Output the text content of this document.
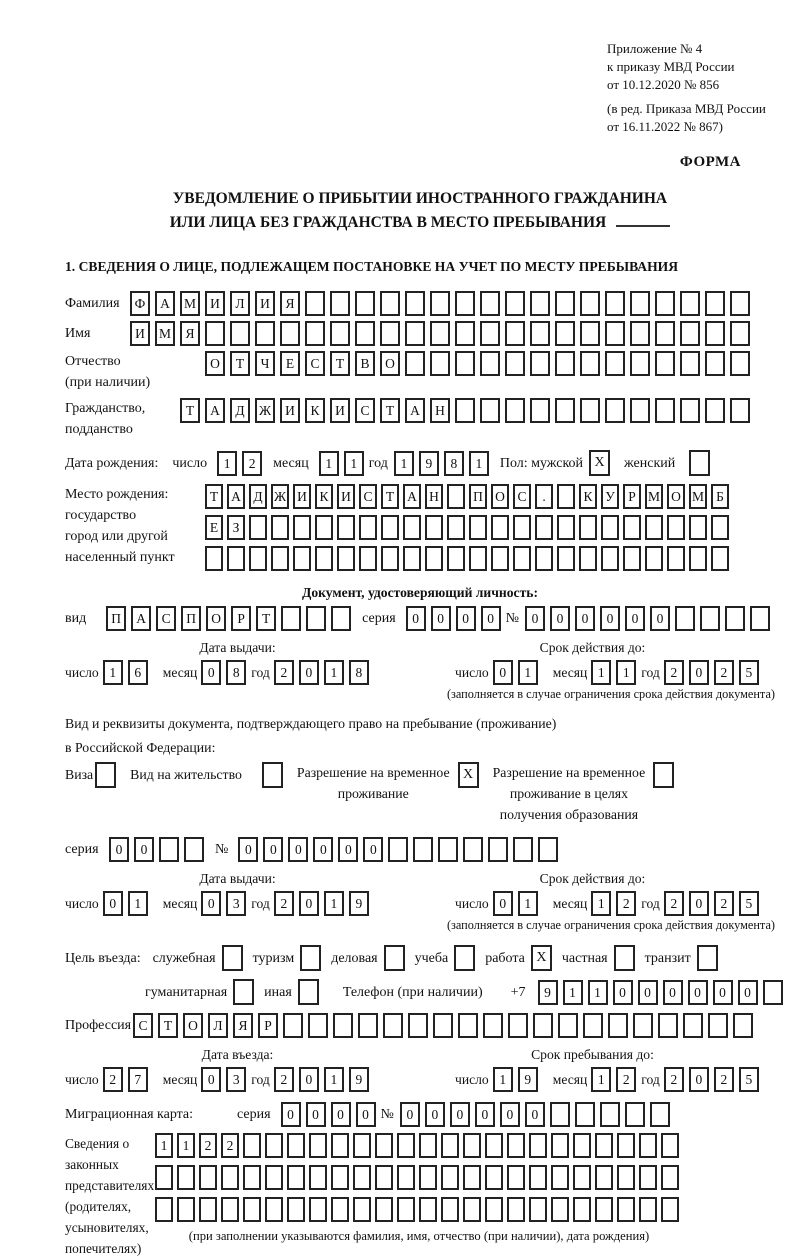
Приложение № 4
к приказу МВД России
от 10.12.2020 № 856
(в ред. Приказа МВД России
от 16.11.2022 № 867)
ФОРМА
УВЕДОМЛЕНИЕ О ПРИБЫТИИ ИНОСТРАННОГО ГРАЖДАНИНА
ИЛИ ЛИЦА БЕЗ ГРАЖДАНСТВА В МЕСТО ПРЕБЫВАНИЯ
1. СВЕДЕНИЯ О ЛИЦЕ, ПОДЛЕЖАЩЕМ ПОСТАНОВКЕ НА УЧЕТ ПО МЕСТУ ПРЕБЫВАНИЯ
Фамилия	Ф	А	М	И	Л	И	Я
Имя	И	М	Я
Отчество
(при наличии)
О	Т	Ч	Е	С	Т	В	О
Гражданство,
подданство
Т	А	Д	Ж	И	К	И	С	Т	А	Н
Дата рождения: число	1	2	месяц	1	1 год 1	9	8	1	Пол: мужской X	женский
Место рождения:
государство
город или другой
населенный пункт
Т А Д Ж И К И С Т А Н	П О С	.	К У Р М О М Б
Е	З
Документ, удостоверяющий личность:
вид	П	А	С	П	О	Р	Т	серия	0	0	0	0 № 0	0	0	0	0	0
Дата выдачи:
число 1	6	месяц 0	8 год 2	0	1	8
Срок действия до:
число 0	1	месяц 1	1 год 2	0	2	5
(заполняется в случае ограничения срока действия документа)
Вид и реквизиты документа, подтверждающего право на пребывание (проживание)
в Российской Федерации:
Виза	Вид на жительство	Разрешение на временное
проживание
X	Разрешение на временное
проживание в целях
получения образования
серия	0	0	№	0	0	0	0	0	0
Дата выдачи:
число 0	1	месяц 0	3 год 2	0	1	9
Срок действия до:
число 0	1	месяц 1	2 год 2	0	2	5
(заполняется в случае ограничения срока действия документа)
Цель въезда: служебная	туризм	деловая	учеба	работа X	частная	транзит
гуманитарная	иная	Телефон (при наличии) +7	9	1	1	0	0	0	0	0	0
Профессия С	Т	О	Л	Я	Р
Дата въезда:
число 2	7	месяц 0	3 год 2	0	1	9
Срок пребывания до:
число 1	9	месяц 1	2 год 2	0	2	5
Миграционная карта:	серия	0	0	0	0 № 0	0	0	0	0	0
Сведения о
законных
представителях
(родителях,
усыновителях,
попечителях)
1	1	2	2
(при заполнении указываются фамилия, имя, отчество (при наличии), дата рождения)
